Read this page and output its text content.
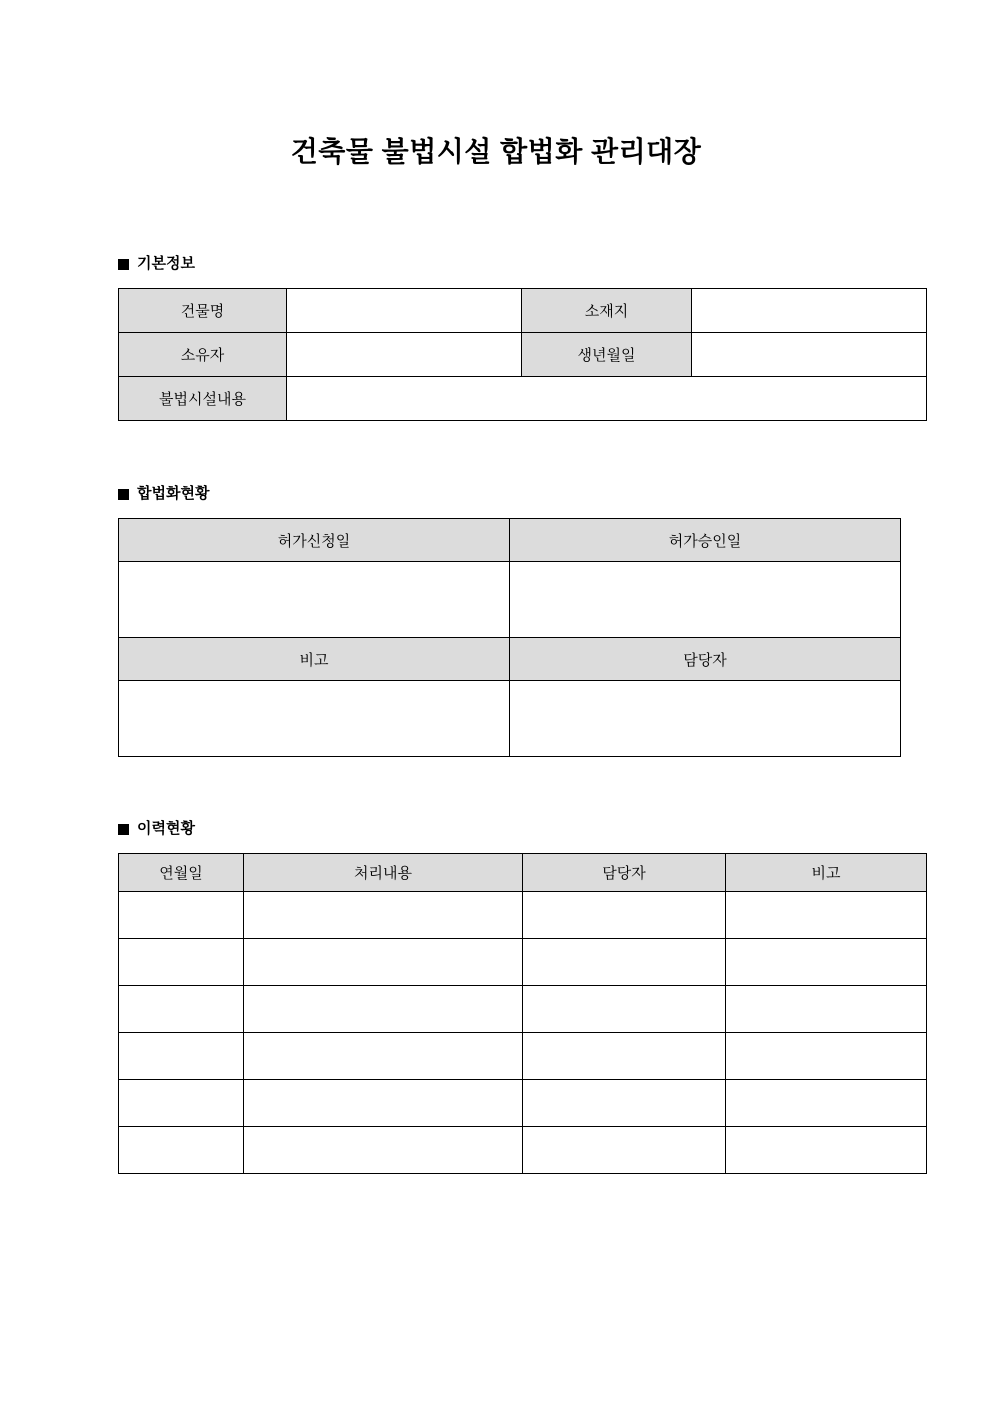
건축물 불법시설 합법화 관리대장
기본정보
건물명		소재지	
소유자		생년월일	
불법시설내용			
합법화현황
허가신청일	허가승인일

비고	담당자

이력현황
연월일	처리내용	담당자	비고
